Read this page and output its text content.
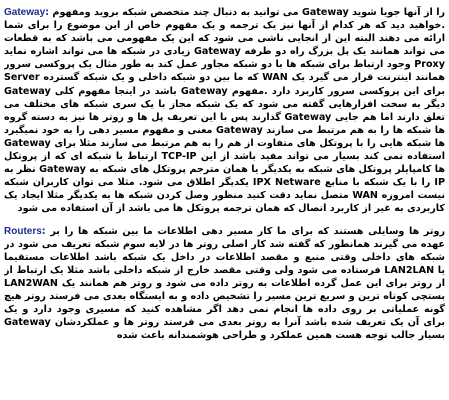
Gateway: می توانید به دنبال چند متخصص شبکه بروید ومفهوم Gateway را از آنها جویا شوید .خواهید دید که هر کدام از آنها نیز یک ترجمه و یک مفهوم خاص از این موضوع را برای شما ارائه می دهند البته این از انجایی ناشی می شود که این یک مفهومی می باشد که به قطعات زیادی در شبکه ها می تواند اشاره نماید Gateway می تواند همانند یک پل بزرگ راه دو طرفه وجود ارتباط برای شبکه ها با دو شبکه مجاور عمل کند به طور مثال یک پروکسی سرور Proxy Server که ما بین دو شبکه داخلی و یک شبکه گسترده WAN همانند اینترنت قرار می گیرد یک Gateway باشد در اینجا مفهوم کلی Gateway برای این پروکسی سرور کاربرد دارد .مفهوم دیگر به سخت افزارهایی گفته می شود که یک شبکه مجاز با یک سری شبکه های مختلف می گذارند پس با این تعریف پل ها و روتر ها نیز به دسته گروه Gateway تعلق دارند اما هم جایی معنی و مفهوم مسیر دهی را به خود نمیگیرد Gateway ها شبکه ها را به هم مرتبط می سازند Gateway ها شبکه هایی را با پروتکل های متفاوت از هم را به هم مرتبط می سازند مثلا برای ارتباط با شبکه ای که از پروتکل TCP-IP استفاده نمی کند بسیار می تواند مفید باشد از این نظر به Gateway ها کامپایلر پروتکل های شبکه به یکدیگر یا همان مترجم پروتکل های شبکه به یکدیگر اطلاق می شود. مثلا می توان کاربران شبکه IPX Netware را با یک شبکه با منابع IP متصل نماید دقت کنید منظور وصل کردن شبکه ها به یکدیگر مثلا ایجاد یک WAN نیست امروزه کاربردی به غیر از کاربرد اتصال که همان ترجمه پروتکل ها می باشد از آن استفاده می شود

Routers: روتر ها وسایلی هستند که برای ما کار مسیر دهی اطلاعات ما بین شبکه ها را بر عهده می گیرند همانطور که گفته شد کار اصلی روتر ها در لایه سوم شبکه تعریف می شود در شبکه های داخلی وقتی منبع و مقصد اطلاعات در داخل یک شبکه باشد اطلاعات مستقیما فرستاده می شود ولی وقتی مقصد خارج از شبکه داخلی باشد مثلا یک ارتباط از LAN2LAN یا LAN2WAN از روتر برای این عمل گرده اطلاعات به روتر داده می شود و روتر هم همانند یک بستچی کوتاه ترین و سریع ترین مسیر را تشخیص داده و به ایستگاه بعدی می فرستد روتر هیچ گونه عملیاتی بر روی داده ها انجام نمی دهد اگر مشاهده کنید که مسیری وجود دارد و یک Gateway برای آن یک تعریف شده باشد آنرا به روتر بعدی می فرستد روتر ها و عملکردشان بسیار جالب توجه هست همین عملکرد و طراحی هوشمندانه باعث شده
